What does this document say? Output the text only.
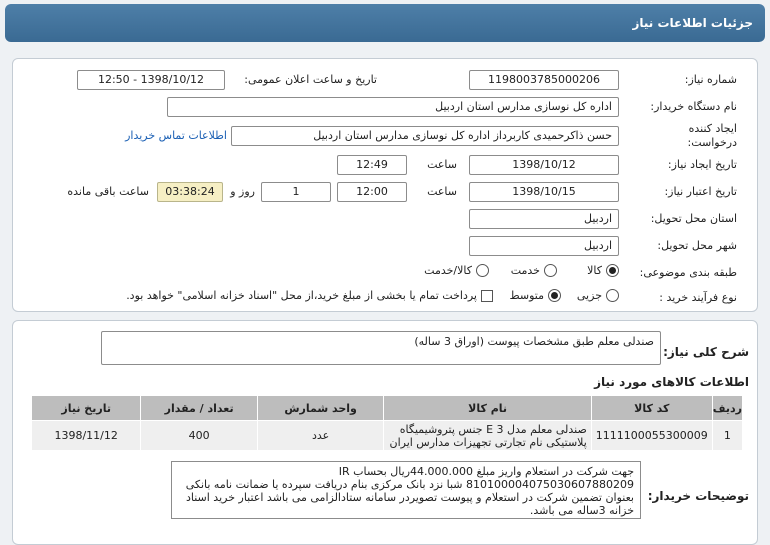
جزئیات اطلاعات نیاز
شماره نیاز:
1198003785000206
تاریخ و ساعت اعلان عمومی:
1398/10/12 - 12:50
نام دستگاه خریدار:
اداره کل نوسازی مدارس استان اردبیل
ایجاد کننده
درخواست:
حسن ذاکرحمیدی کاربرداز اداره کل نوسازی مدارس استان اردبیل
اطلاعات تماس خریدار
تاریخ ایجاد نیاز:
1398/10/12
ساعت
12:49
تاریخ اعتبار نیاز:
1398/10/15
ساعت
12:00
1
روز و
03:38:24
ساعت باقی مانده
استان محل تحویل:
اردبیل
شهر محل تحویل:
اردبیل
طبقه بندی موضوعی:
کالا
خدمت
کالا/خدمت
نوع فرآیند خرید :
جزیی
متوسط
پرداخت تمام یا بخشی از مبلغ خرید،از محل "اسناد خزانه اسلامی" خواهد بود.
شرح کلی نیاز:
صندلی معلم طبق مشخصات پیوست (اوراق 3 ساله)
اطلاعات کالاهای مورد نیاز
ردیف	کد کالا	نام کالا	واحد شمارش	تعداد / مقدار	تاریخ نیاز
1	1111100055300009	صندلی معلم مدل E 3 جنس پتروشیمیگاه پلاستیکی نام تجارتی تجهیزات مدارس ایران	عدد	400	1398/11/12
توضیحات خریدار:
جهت شرکت در استعلام واریز مبلغ 44.000.000ریال بحساب IR 810100004075030607880209 شبا نزد بانک مرکزی بنام دریافت سپرده یا ضمانت نامه بانکی بعنوان تضمین شرکت در استعلام و پیوست تصویردر سامانه ستادالزامی می باشد اعتبار خرید اسناد خزانه 3ساله می باشد.
